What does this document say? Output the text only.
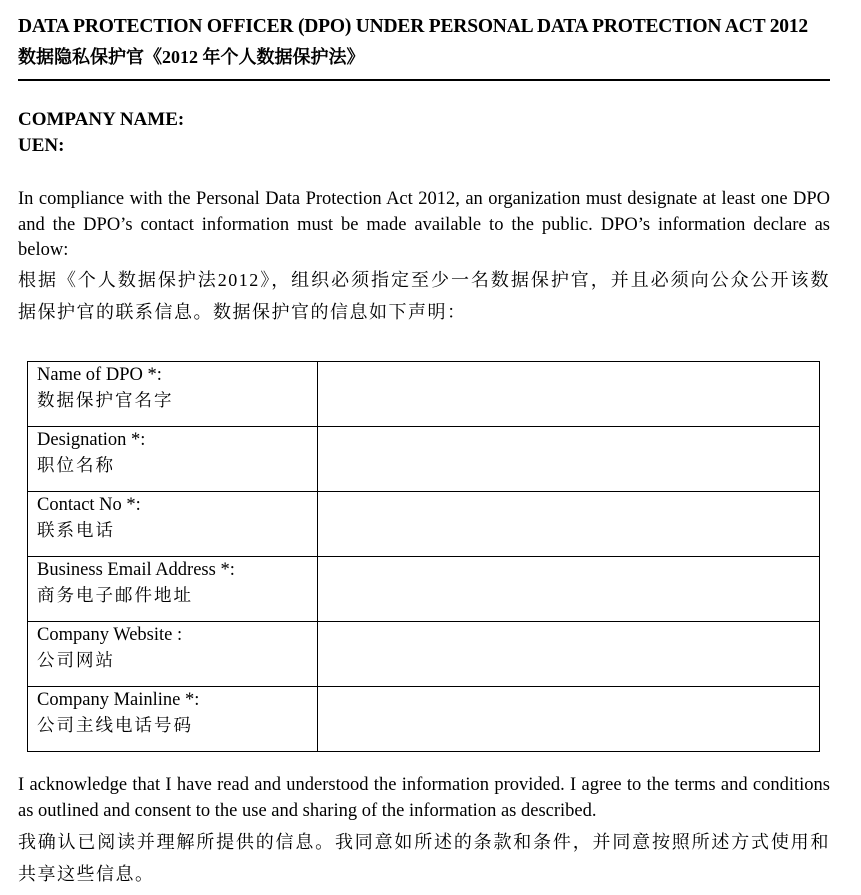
DATA PROTECTION OFFICER (DPO) UNDER PERSONAL DATA PROTECTION ACT 2012
数据隐私保护官《2012 年个人数据保护法》
COMPANY NAME:
UEN:
In compliance with the Personal Data Protection Act 2012, an organization must designate at least one DPO and the DPO’s contact information must be made available to the public. DPO’s information declare as below:
根据《个人数据保护法2012》，组织必须指定至少一名数据保护官，并且必须向公众公开该数据保护官的联系信息。数据保护官的信息如下声明：
Name of DPO *:
数据保护官名字

Designation *:
职位名称

Contact No *:
联系电话

Business Email Address *:
商务电子邮件地址

Company Website :
公司网站

Company Mainline *:
公司主线电话号码

I acknowledge that I have read and understood the information provided. I agree to the terms and conditions as outlined and consent to the use and sharing of the information as described.
我确认已阅读并理解所提供的信息。我同意如所述的条款和条件，并同意按照所述方式使用和共享这些信息。
